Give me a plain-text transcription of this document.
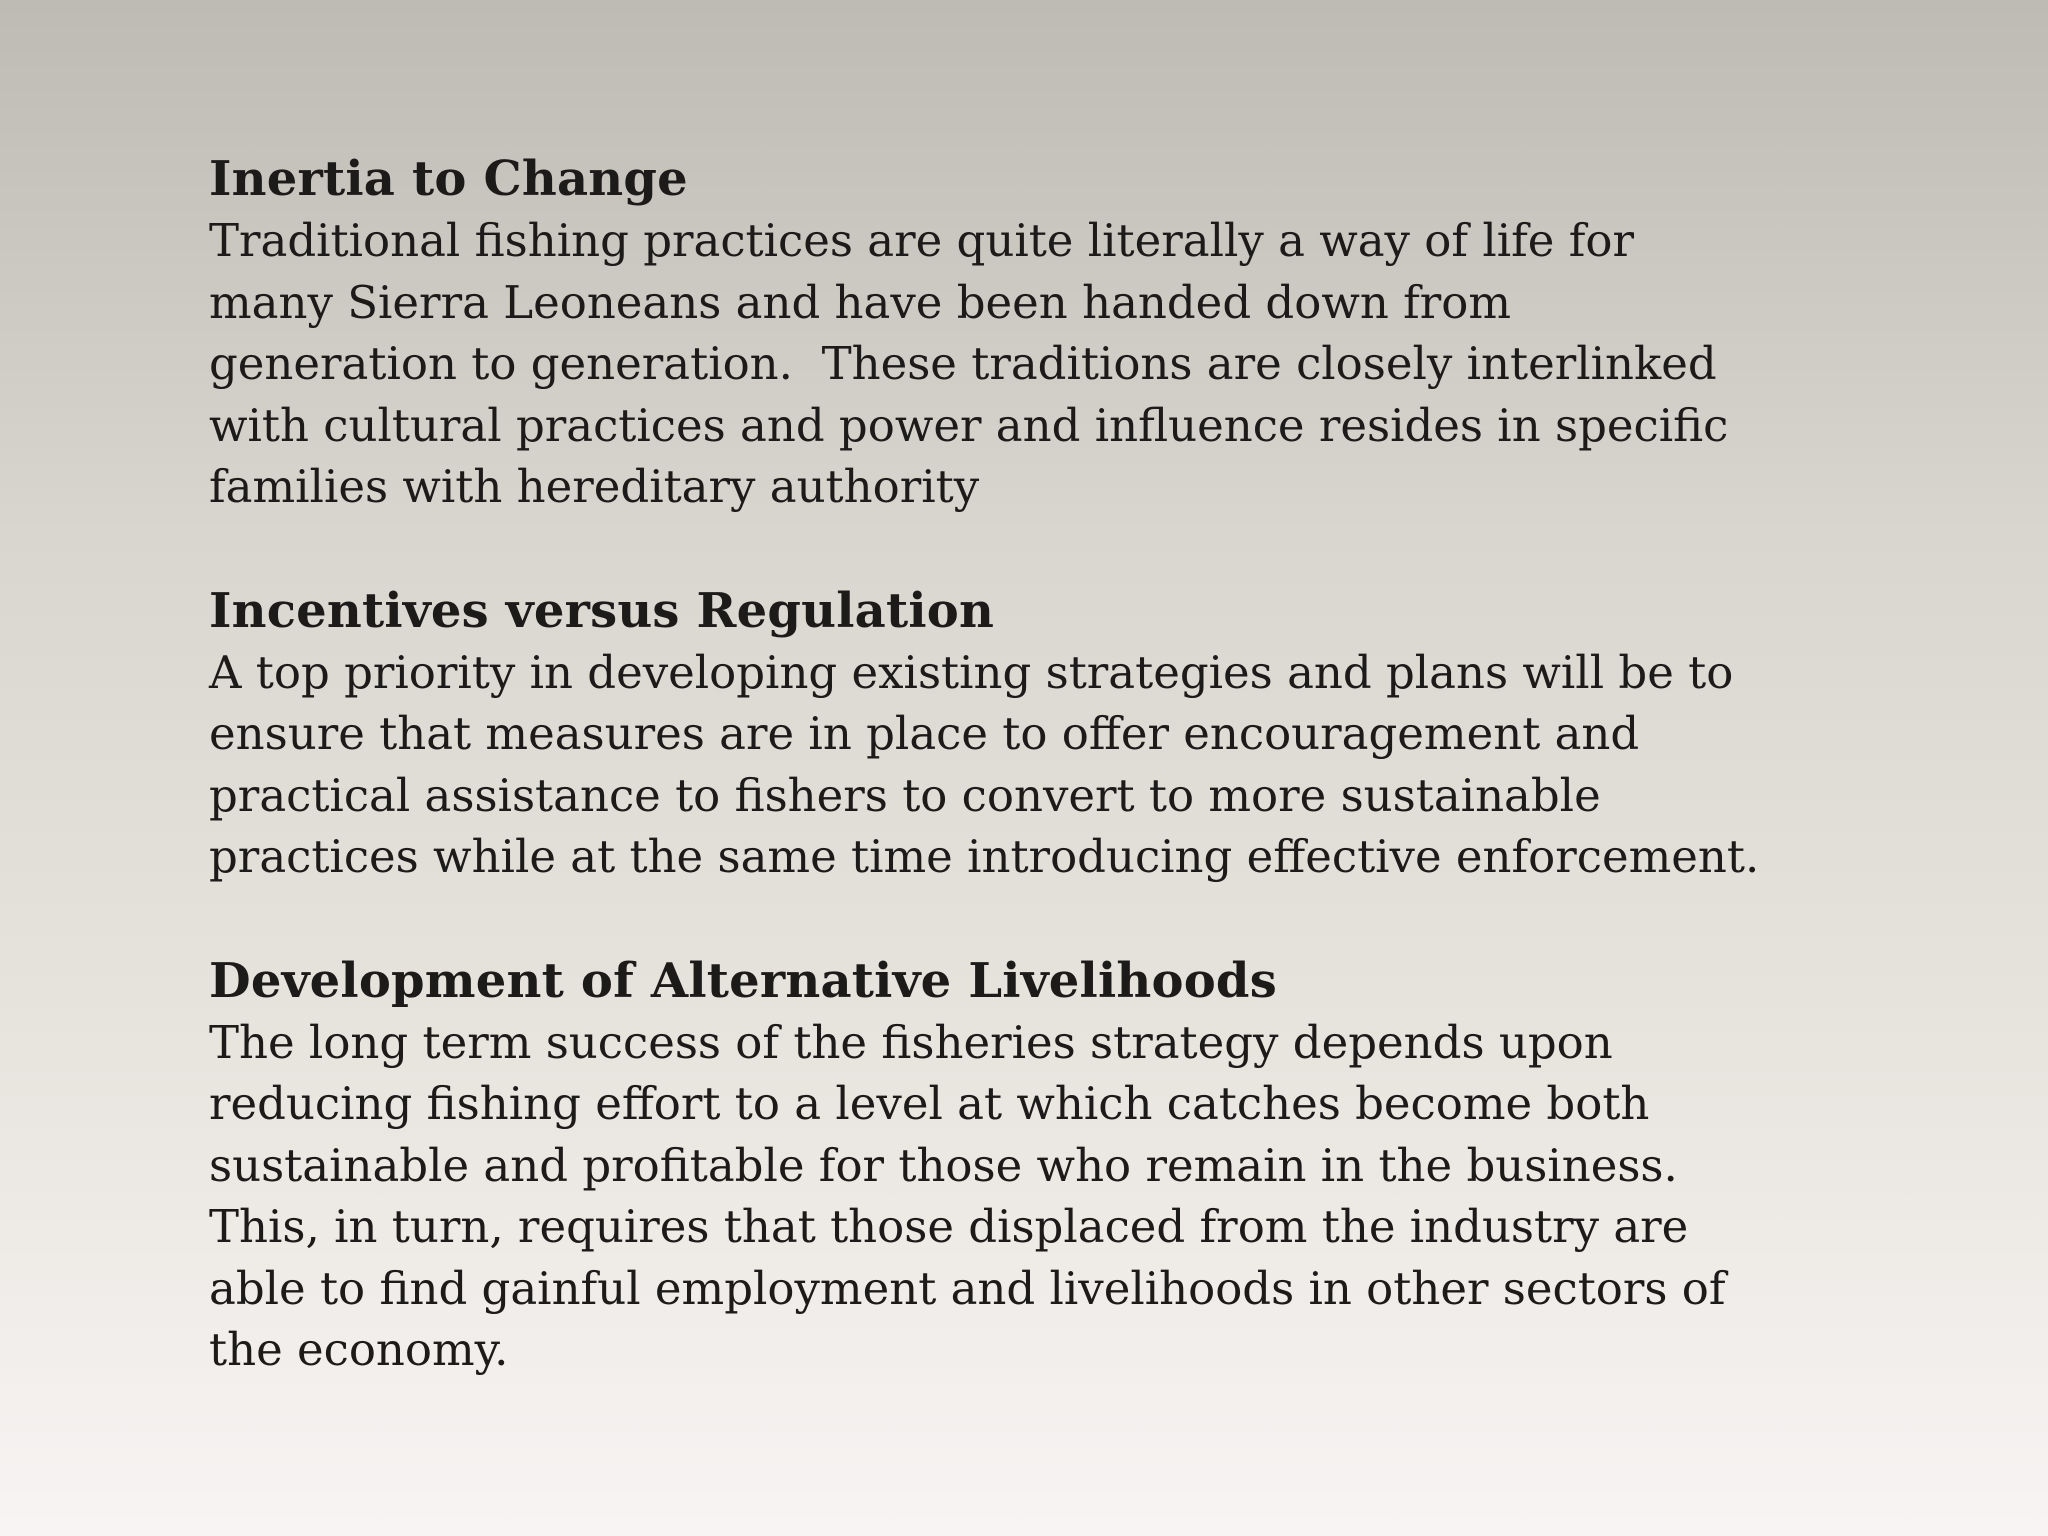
Inertia to Change

Traditional fishing practices are quite literally a way of life for

many Sierra Leoneans and have been handed down from

generation to generation.  These traditions are closely interlinked

with cultural practices and power and influence resides in specific

families with hereditary authority

Incentives versus Regulation

A top priority in developing existing strategies and plans will be to

ensure that measures are in place to offer encouragement and

practical assistance to fishers to convert to more sustainable

practices while at the same time introducing effective enforcement.

Development of Alternative Livelihoods

The long term success of the fisheries strategy depends upon

reducing fishing effort to a level at which catches become both

sustainable and profitable for those who remain in the business.

This, in turn, requires that those displaced from the industry are

able to find gainful employment and livelihoods in other sectors of

the economy.
